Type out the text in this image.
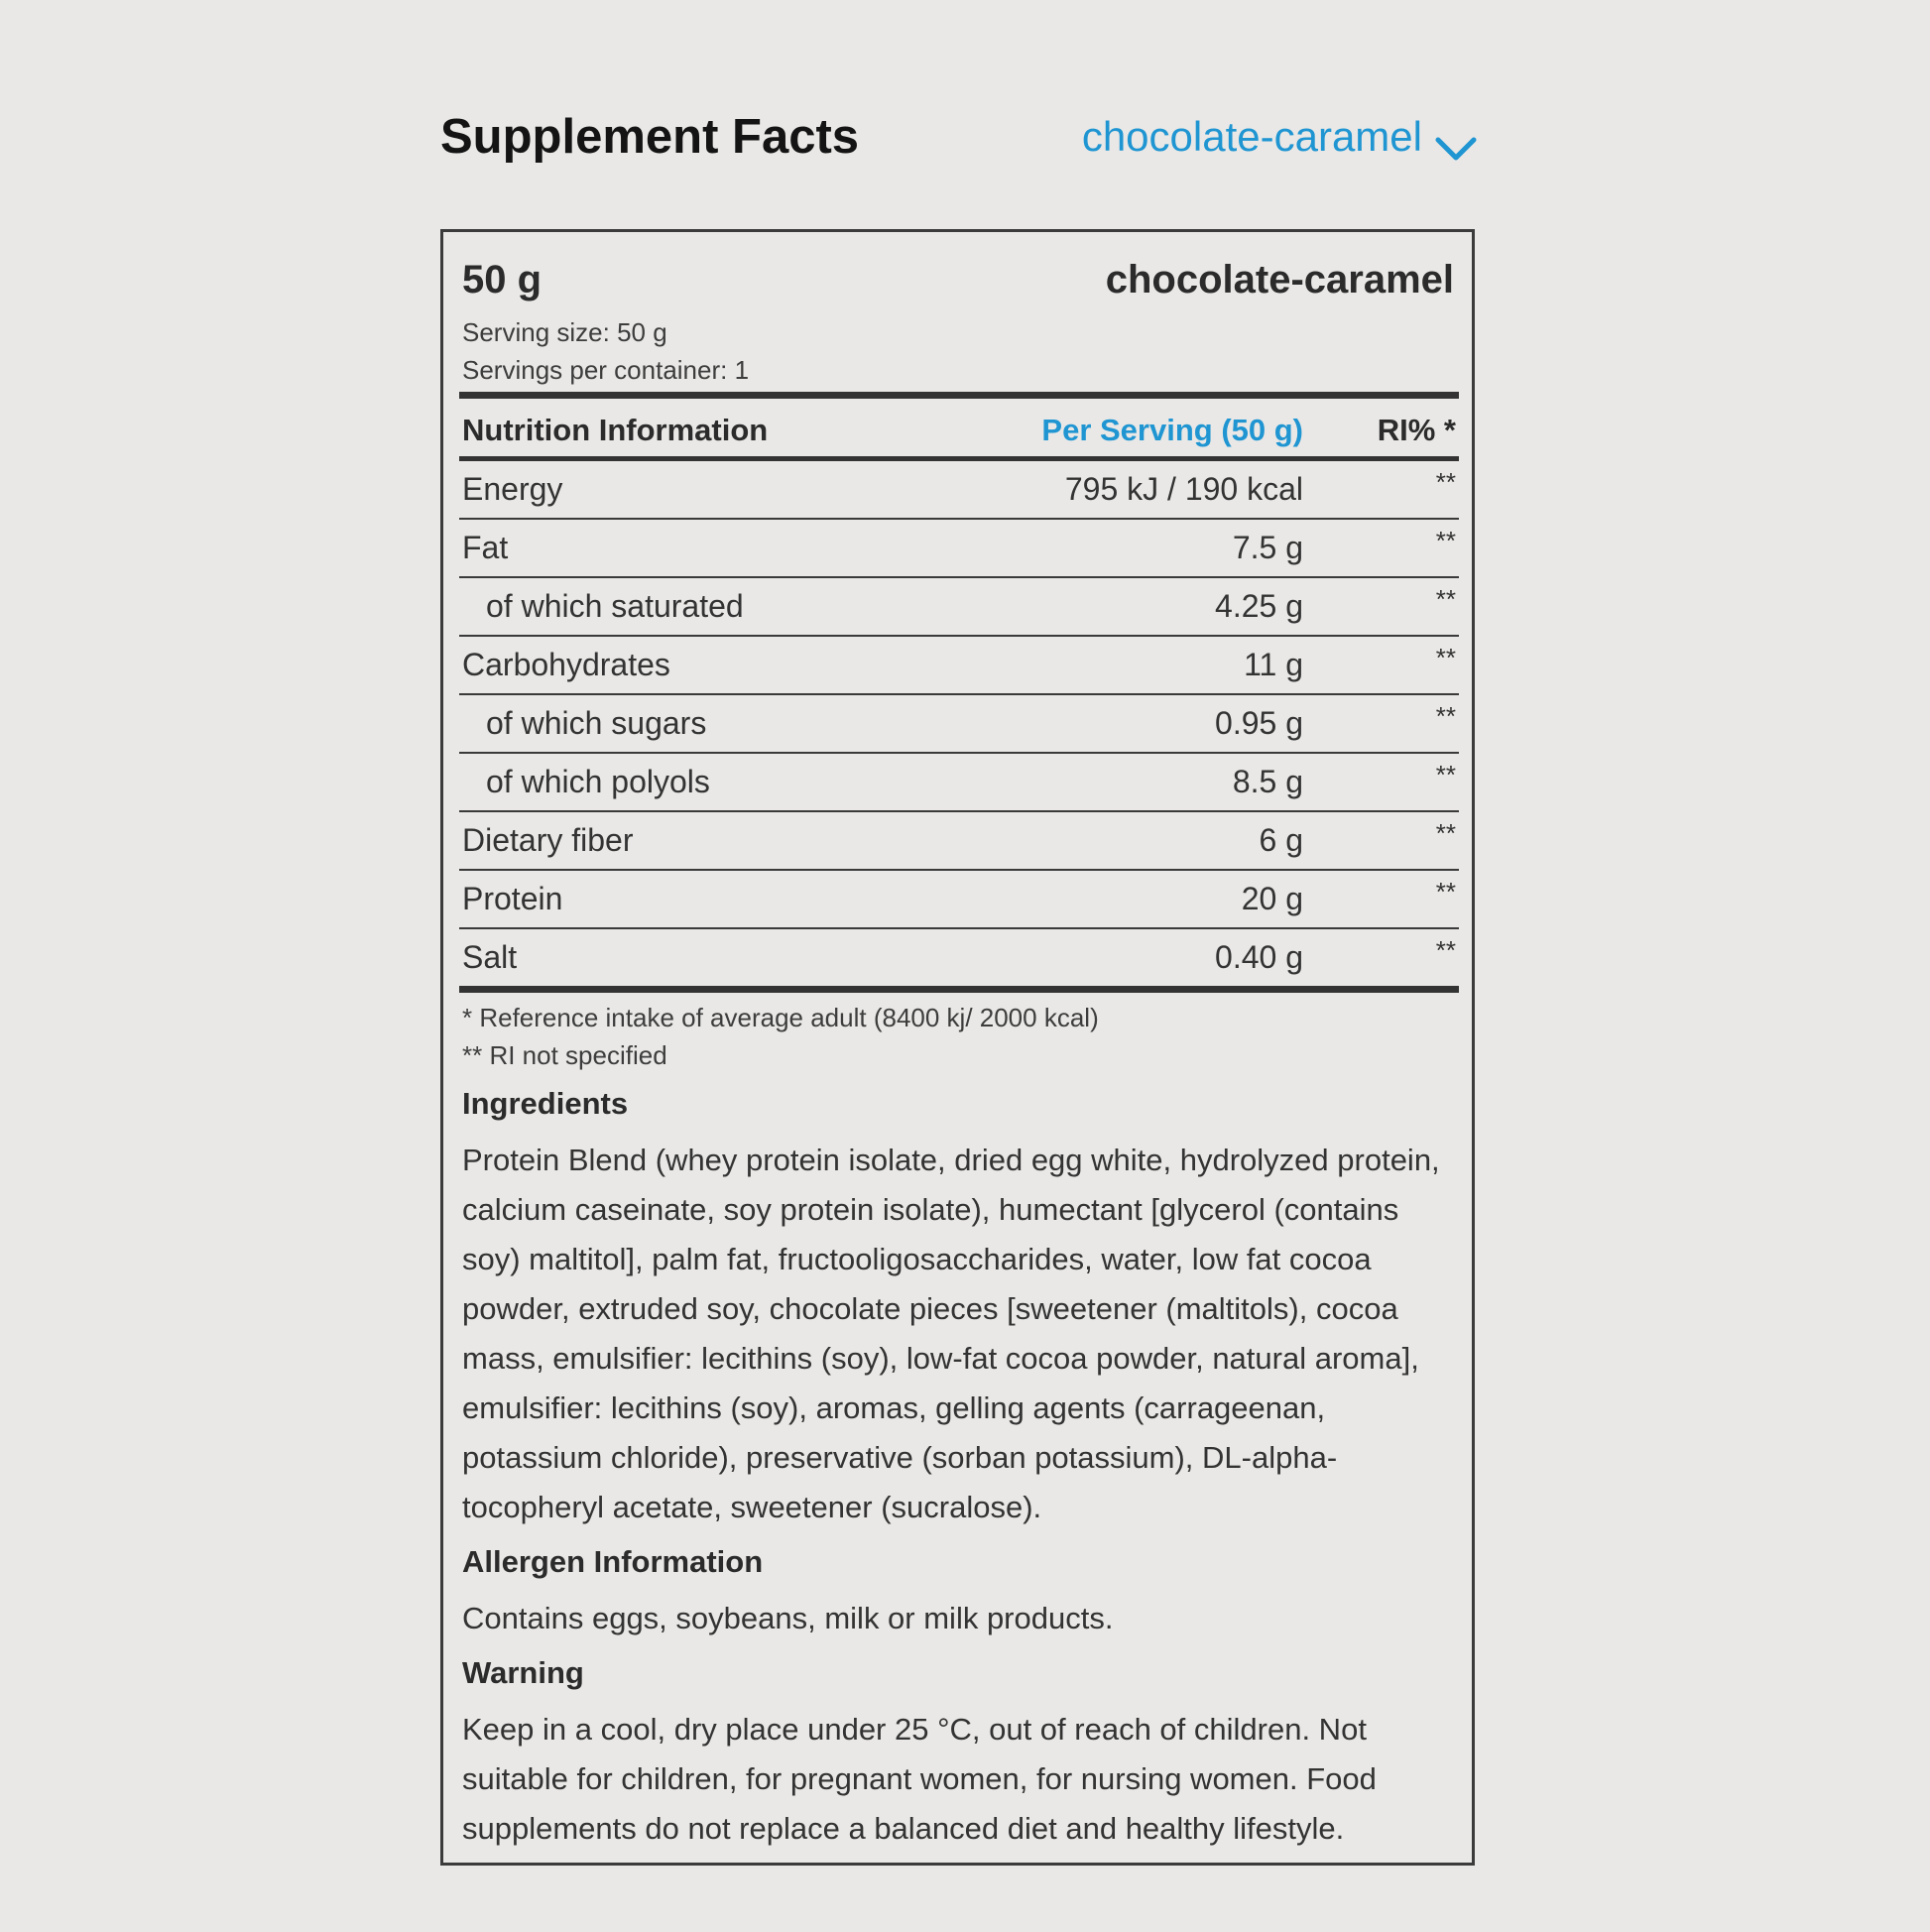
Supplement Facts	chocolate-caramel
50 g	chocolate-caramel
Serving size: 50 g
Servings per container: 1
Nutrition Information	Per Serving (50 g) RI% *
Energy	795 kJ / 190 kcal	**
Fat	7.5 g	**
of which saturated	4.25 g	**
Carbohydrates	11 g	**
of which sugars	0.95 g	**
of which polyols	8.5 g	**
Dietary fiber	6 g	**
Protein	20 g	**
Salt	0.40 g	**
* Reference intake of average adult (8400 kj/ 2000 kcal)
** RI not specified
Ingredients

Protein Blend (whey protein isolate, dried egg white, hydrolyzed protein, calcium caseinate, soy protein isolate), humectant [glycerol (contains soy) maltitol], palm fat, fructooligosaccharides, water, low fat cocoa powder, extruded soy, chocolate pieces [sweetener (maltitols), cocoa mass, emulsifier: lecithins (soy), low-fat cocoa powder, natural aroma], emulsifier: lecithins (soy), aromas, gelling agents (carrageenan, potassium chloride), preservative (sorban potassium), DL-alpha-tocopheryl acetate, sweetener (sucralose).

Allergen Information

Contains eggs, soybeans, milk or milk products.

Warning

Keep in a cool, dry place under 25 °C, out of reach of children. Not suitable for children, for pregnant women, for nursing women. Food supplements do not replace a balanced diet and healthy lifestyle.
